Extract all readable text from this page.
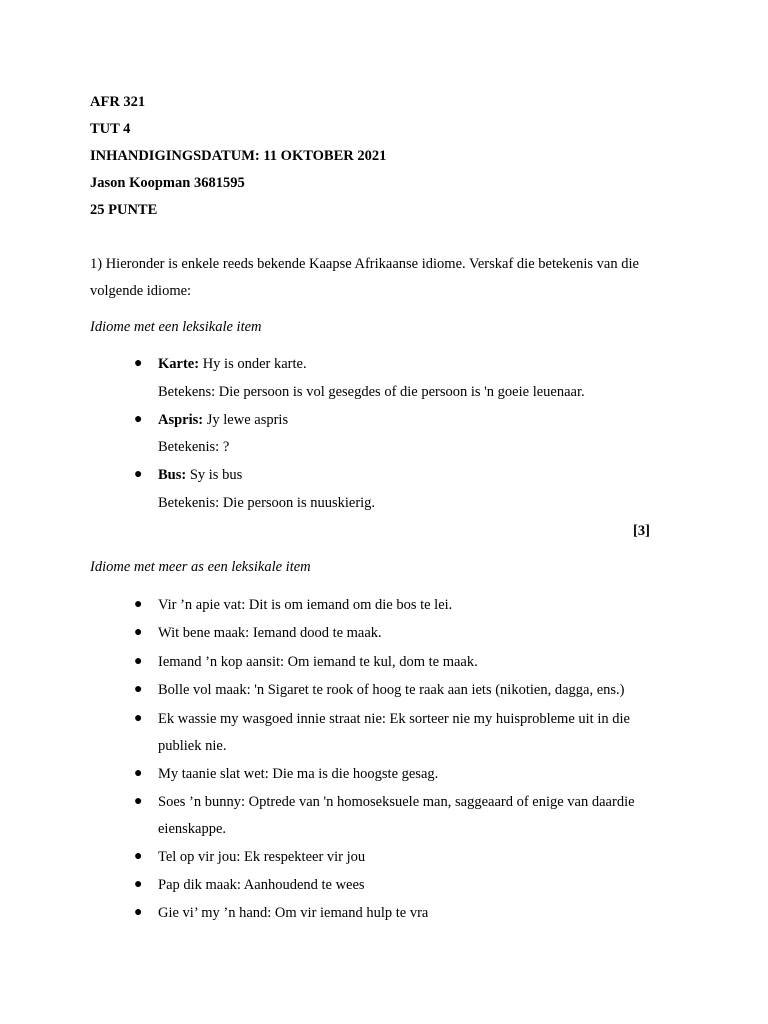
AFR 321
TUT 4
INHANDIGINGSDATUM: 11 OKTOBER 2021
Jason Koopman 3681595
25 PUNTE
1) Hieronder is enkele reeds bekende Kaapse Afrikaanse idiome. Verskaf die betekenis van die
volgende idiome:
Idiome met een leksikale item
● Karte: Hy is onder karte.
Betekens: Die persoon is vol gesegdes of die persoon is 'n goeie leuenaar.
● Aspris: Jy lewe aspris
Betekenis: ?
● Bus: Sy is bus
Betekenis: Die persoon is nuuskierig.
[3]
Idiome met meer as een leksikale item
● Vir ’n apie vat: Dit is om iemand om die bos te lei.
● Wit bene maak: Iemand dood te maak.
● Iemand ’n kop aansit: Om iemand te kul, dom te maak.
● Bolle vol maak: 'n Sigaret te rook of hoog te raak aan iets (nikotien, dagga, ens.)
● Ek wassie my wasgoed innie straat nie: Ek sorteer nie my huisprobleme uit in die
publiek nie.
● My taanie slat wet: Die ma is die hoogste gesag.
● Soes ’n bunny: Optrede van 'n homoseksuele man, saggeaard of enige van daardie
eienskappe.
● Tel op vir jou: Ek respekteer vir jou
● Pap dik maak: Aanhoudend te wees
● Gie vi’ my ’n hand: Om vir iemand hulp te vra
